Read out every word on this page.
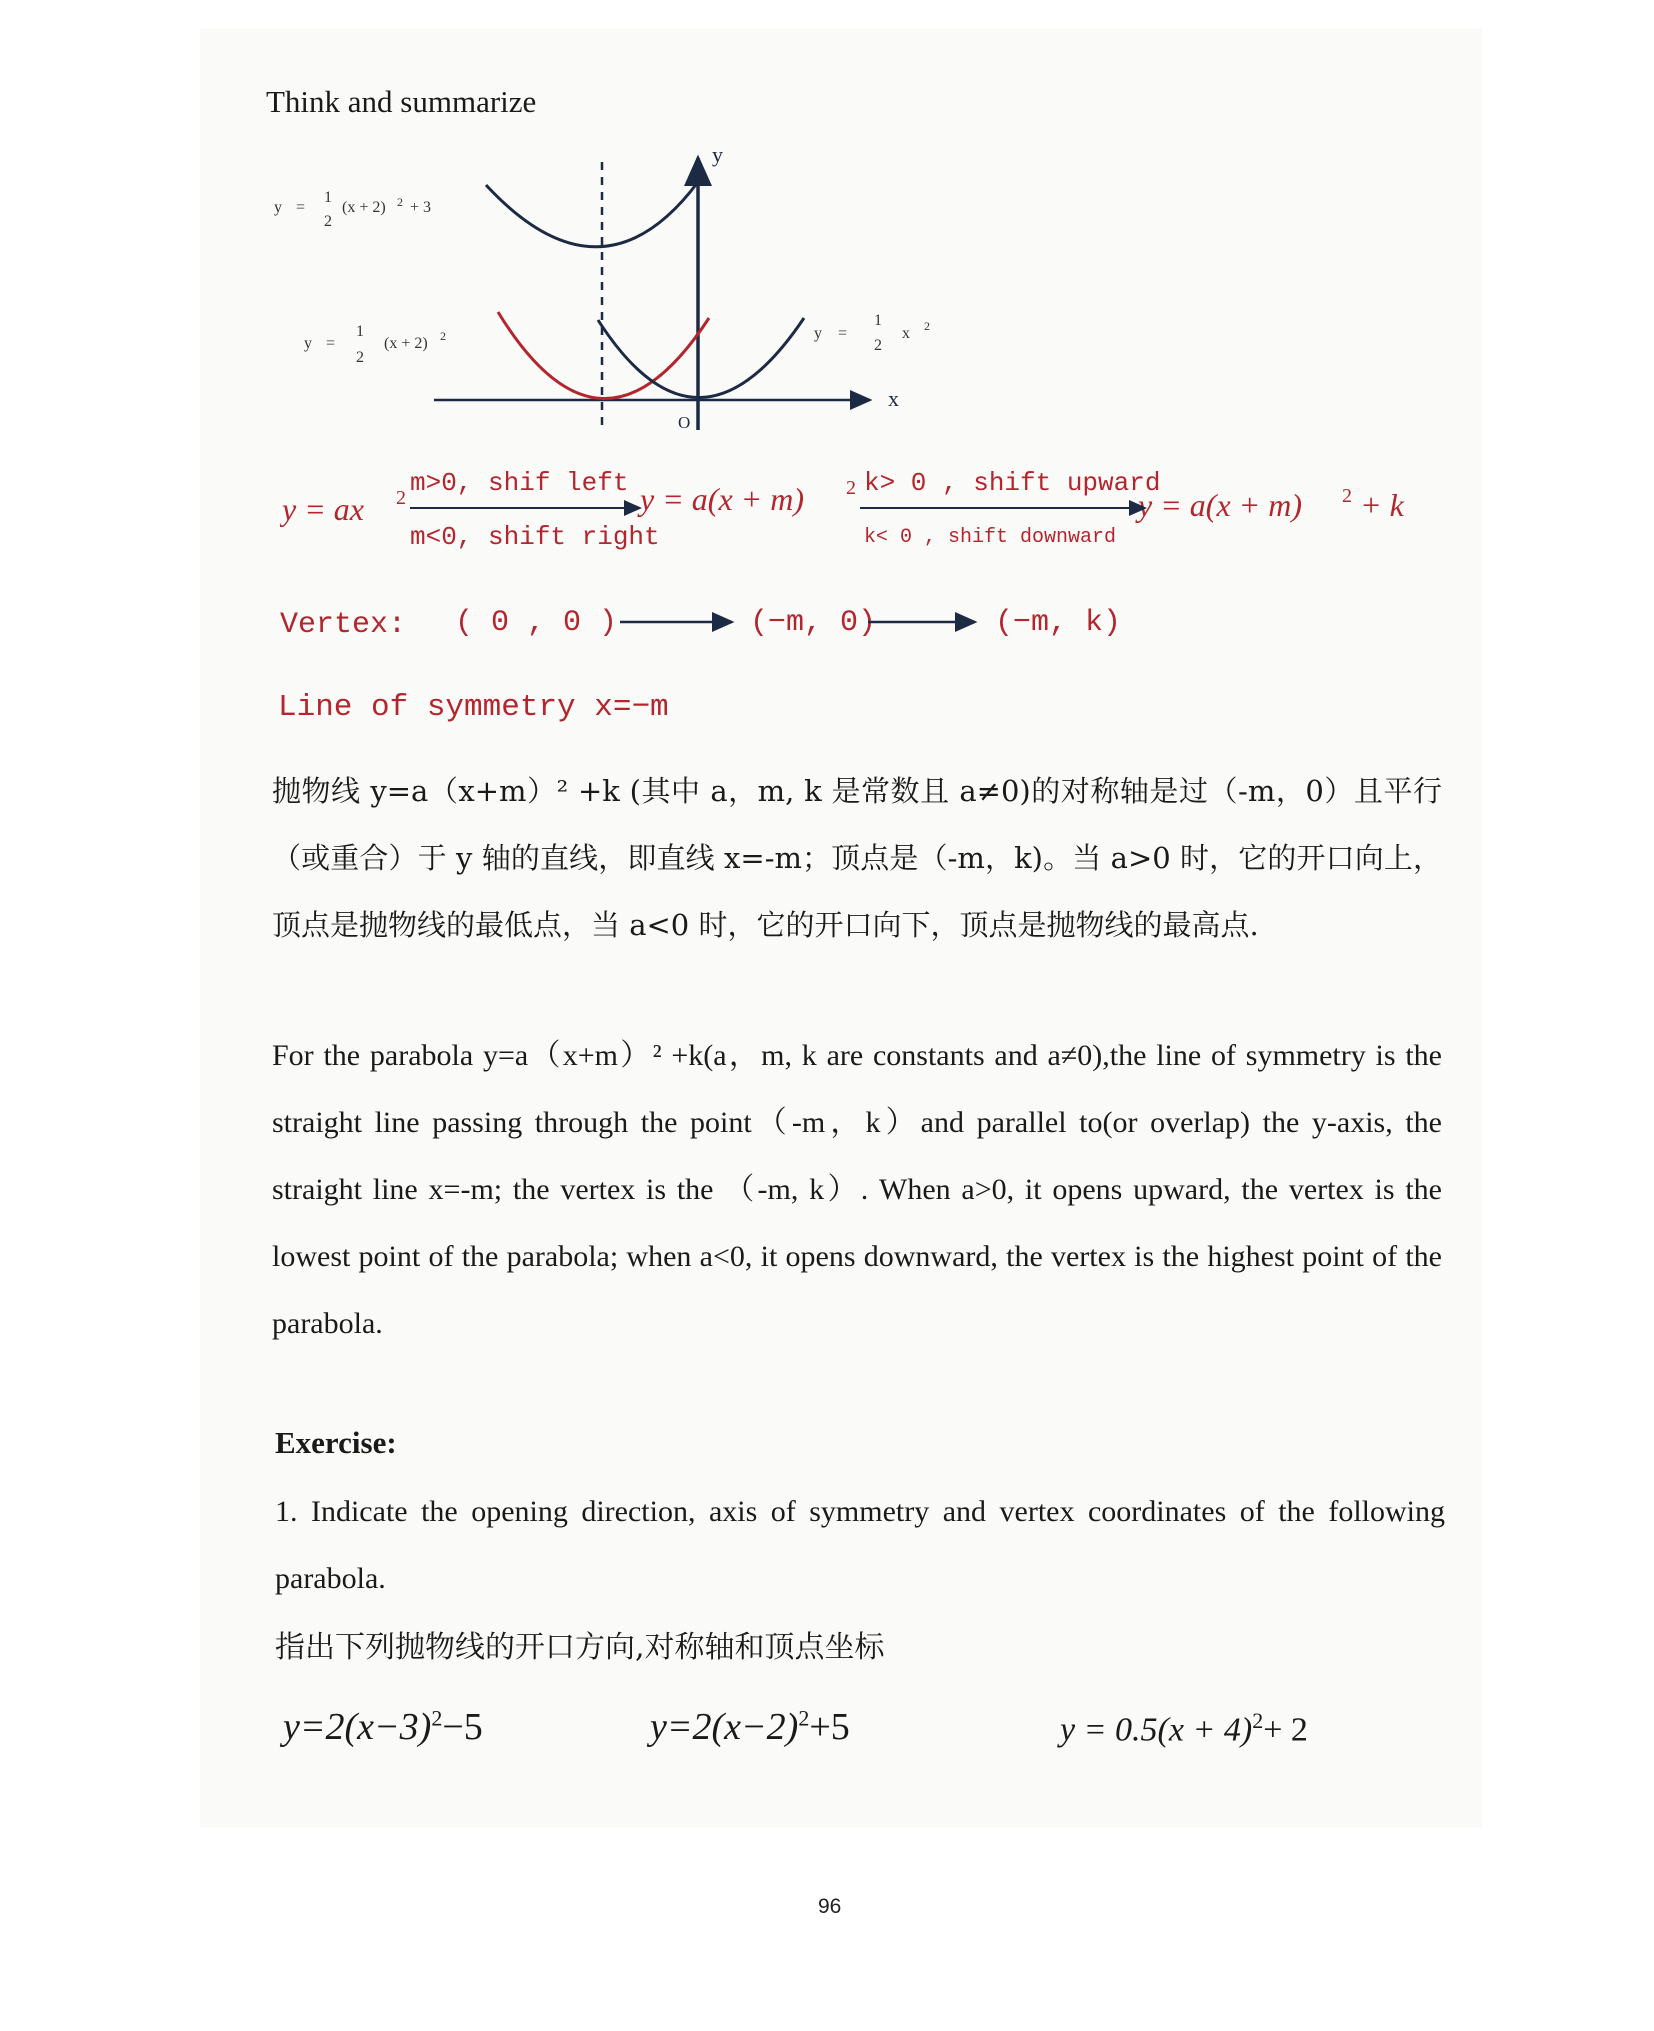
Think and summarize
y
x
O
y =
1
2
(x + 2) 2 + 3
y =
1
2
(x + 2) 2	y =
1
2
x 2
y = ax 2	y = a(x + m) 2	y = a(x + m) 2 + k
m>0, shif left
m<0, shift right
k> 0 , shift upward
k< 0 , shift downward
Vertex: ( 0 , 0 )	(−m, 0)	(−m, k)
Line of symmetry x=−m
抛物线 y=a（x+m）² +k (其中 a，m, k 是常数且 a≠0)的对称轴是过（-m，0）且平行（或重合）于 y 轴的直线，即直线 x=-m；顶点是（-m，k)。当 a>0 时，它的开口向上，顶点是抛物线的最低点，当 a<0 时，它的开口向下，顶点是抛物线的最高点.
For the parabola y=a（x+m）² +k(a，m, k are constants and a≠0),the line of symmetry is the straight line passing through the point（-m，k）and parallel to(or overlap) the y-axis, the straight line x=-m; the vertex is the （-m, k）. When a>0, it opens upward, the vertex is the lowest point of the parabola; when a<0, it opens downward, the vertex is the highest point of the parabola.
Exercise:
1. Indicate the opening direction, axis of symmetry and vertex coordinates of the following parabola.
指出下列抛物线的开口方向,对称轴和顶点坐标
$y=2(x-3)^2-5$	$y=2(x-2)^2+5$	$y = 0.5(x + 4)^2+ 2$
96
